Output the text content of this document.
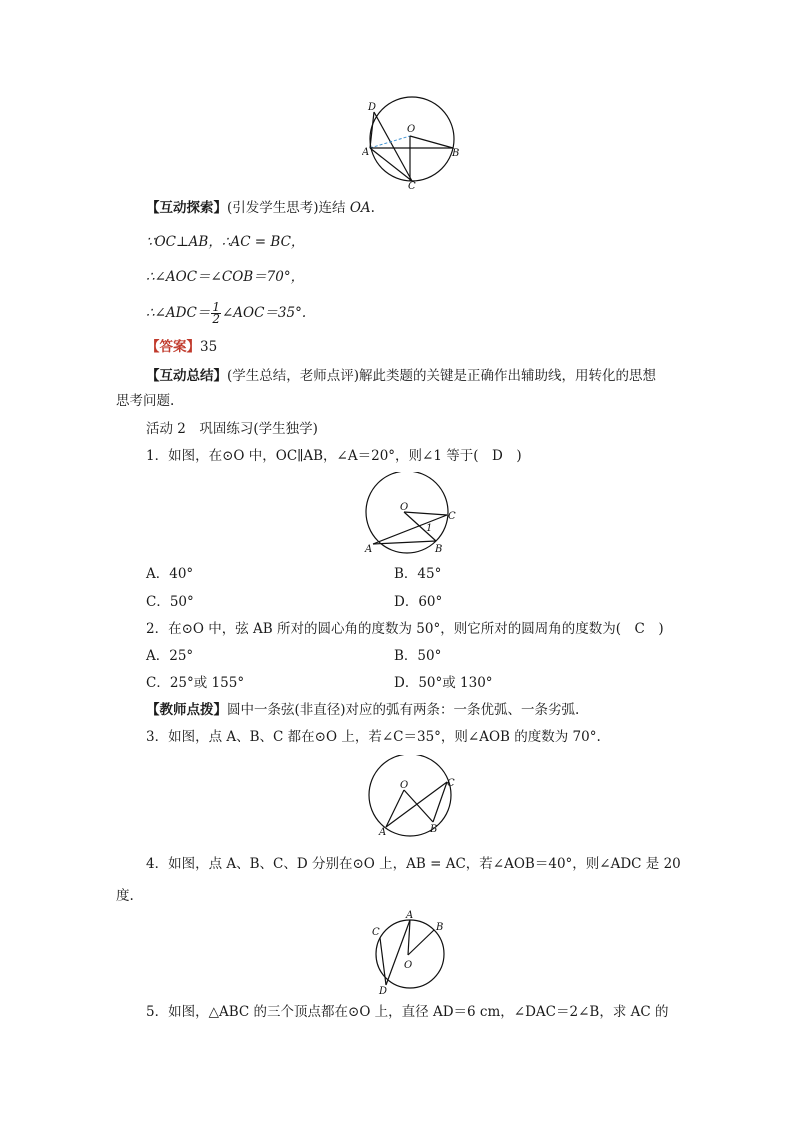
D
O
A	B
C
【互动探索】(引发学生思考)连结 OA.
∵OC⊥AB，∴AC = BC，
∴∠AOC＝∠COB＝70°，
∴∠ADC＝ $\frac{1}{2}$ ∠AOC＝35°.
【答案】35
【互动总结】(学生总结，老师点评)解此类题的关键是正确作出辅助线，用转化的思想
思考问题.
活动 2　巩固练习(学生独学)
1．如图，在⊙O 中，OC∥AB，∠A＝20°，则∠1 等于(　D　)
O
C
1
A	B
A．40°	B．45°
C．50°	D．60°
2．在⊙O 中，弦 AB 所对的圆心角的度数为 50°，则它所对的圆周角的度数为(　C　)
A．25°	B．50°
C．25°或 155°	D．50°或 130°
【教师点拨】圆中一条弦(非直径)对应的弧有两条：一条优弧、一条劣弧.
3．如图，点 A、B、C 都在⊙O 上，若∠C＝35°，则∠AOB 的度数为 70°.
O	C
A	B
4．如图，点 A、B、C、D 分别在⊙O 上，AB = AC，若∠AOB＝40°，则∠ADC 是 20
度.
A
B
C
O
D
5．如图，△ABC 的三个顶点都在⊙O 上，直径 AD＝6 cm，∠DAC＝2∠B，求 AC 的
